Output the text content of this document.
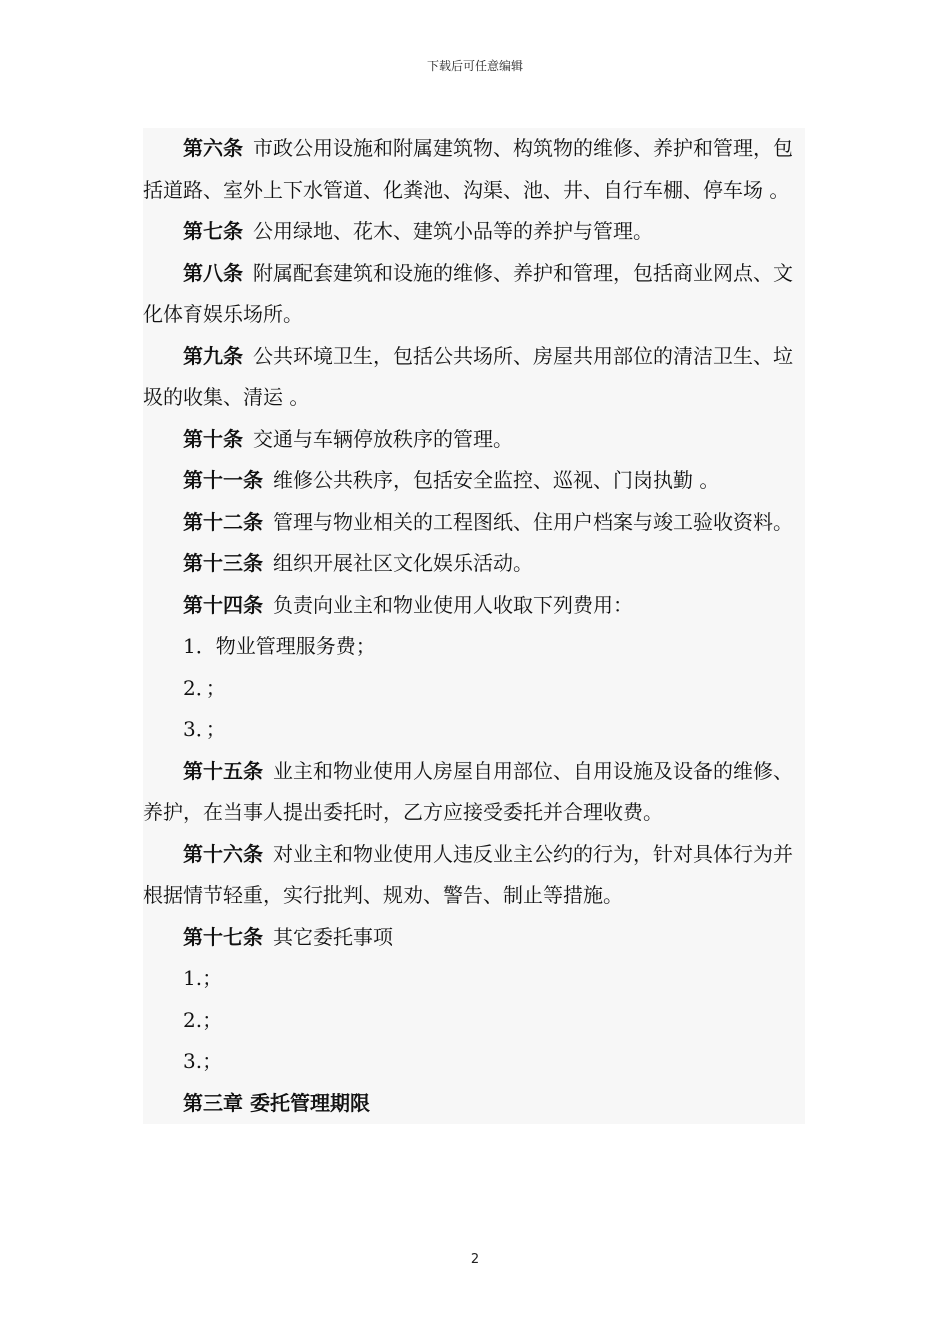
下载后可任意编辑

第六条 市政公用设施和附属建筑物、构筑物的维修、养护和管理，包括道路、室外上下水管道、化粪池、沟渠、池、井、自行车棚、停车场 。

第七条 公用绿地、花木、建筑小品等的养护与管理。

第八条 附属配套建筑和设施的维修、养护和管理，包括商业网点、文化体育娱乐场所。

第九条 公共环境卫生，包括公共场所、房屋共用部位的清洁卫生、垃圾的收集、清运 。

第十条 交通与车辆停放秩序的管理。

第十一条 维修公共秩序，包括安全监控、巡视、门岗执勤 。

第十二条 管理与物业相关的工程图纸、住用户档案与竣工验收资料。

第十三条 组织开展社区文化娱乐活动。

第十四条 负责向业主和物业使用人收取下列费用：

1．物业管理服务费；

2．；

3．；

第十五条 业主和物业使用人房屋自用部位、自用设施及设备的维修、养护，在当事人提出委托时，乙方应接受委托并合理收费。

第十六条 对业主和物业使用人违反业主公约的行为，针对具体行为并根据情节轻重，实行批判、规劝、警告、制止等措施。

第十七条 其它委托事项

1.；

2.；

3.；

第三章 委托管理期限

2
